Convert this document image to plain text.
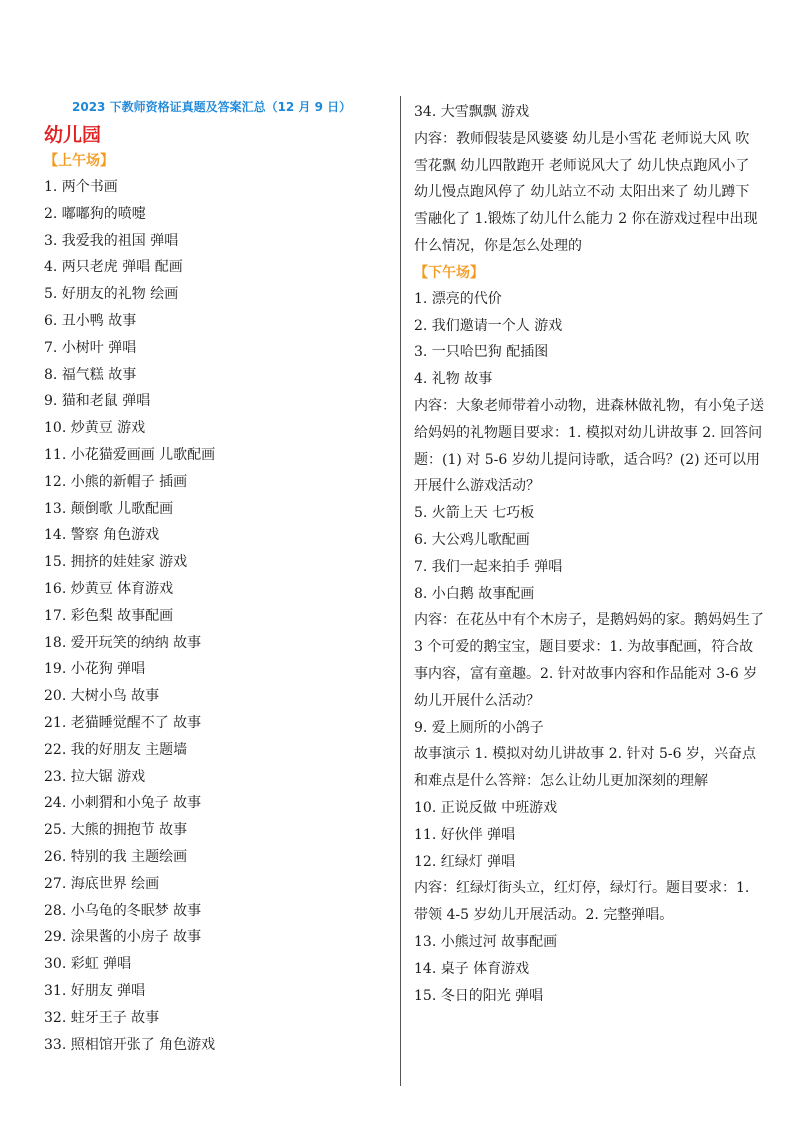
2023 下教师资格证真题及答案汇总（12 月 9 日）
幼儿园
【上午场】
1. 两个书画
2. 嘟嘟狗的喷嚏
3. 我爱我的祖国 弹唱
4. 两只老虎 弹唱 配画
5. 好朋友的礼物 绘画
6. 丑小鸭 故事
7. 小树叶 弹唱
8. 福气糕 故事
9. 猫和老鼠 弹唱
10. 炒黄豆 游戏
11. 小花猫爱画画 儿歌配画
12. 小熊的新帽子 插画
13. 颠倒歌 儿歌配画
14. 警察 角色游戏
15. 拥挤的娃娃家 游戏
16. 炒黄豆 体育游戏
17. 彩色梨 故事配画
18. 爱开玩笑的纳纳 故事
19. 小花狗 弹唱
20. 大树小鸟 故事
21. 老猫睡觉醒不了 故事
22. 我的好朋友 主题墙
23. 拉大锯 游戏
24. 小刺猬和小兔子 故事
25. 大熊的拥抱节 故事
26. 特别的我 主题绘画
27. 海底世界 绘画
28. 小乌龟的冬眠梦 故事
29. 涂果酱的小房子 故事
30. 彩虹 弹唱
31. 好朋友 弹唱
32. 蛀牙王子 故事
33. 照相馆开张了 角色游戏
34. 大雪飘飘 游戏

内容：教师假装是风婆婆 幼儿是小雪花 老师说大风 吹 雪花飘 幼儿四散跑开 老师说风大了 幼儿快点跑风小了 幼儿慢点跑风停了 幼儿站立不动 太阳出来了 幼儿蹲下 雪融化了 1.锻炼了幼儿什么能力 2 你在游戏过程中出现什么情况，你是怎么处理的

【下午场】
1. 漂亮的代价
2. 我们邀请一个人 游戏
3. 一只哈巴狗 配插图
4. 礼物 故事

内容：大象老师带着小动物，进森林做礼物，有小兔子送给妈妈的礼物题目要求：1. 模拟对幼儿讲故事 2. 回答问题：(1) 对 5-6 岁幼儿提问诗歌，适合吗？(2) 还可以用开展什么游戏活动？

5. 火箭上天 七巧板
6. 大公鸡儿歌配画
7. 我们一起来拍手 弹唱
8. 小白鹅 故事配画

内容：在花丛中有个木房子，是鹅妈妈的家。鹅妈妈生了 3 个可爱的鹅宝宝，题目要求：1. 为故事配画，符合故事内容，富有童趣。2. 针对故事内容和作品能对 3-6 岁幼儿开展什么活动？

9. 爱上厕所的小鸽子

故事演示 1. 模拟对幼儿讲故事 2. 针对 5-6 岁，兴奋点和难点是什么答辩：怎么让幼儿更加深刻的理解

10. 正说反做 中班游戏
11. 好伙伴 弹唱
12. 红绿灯 弹唱

内容：红绿灯街头立，红灯停，绿灯行。题目要求：1. 带领 4-5 岁幼儿开展活动。2. 完整弹唱。

13. 小熊过河 故事配画
14. 桌子 体育游戏
15. 冬日的阳光 弹唱
